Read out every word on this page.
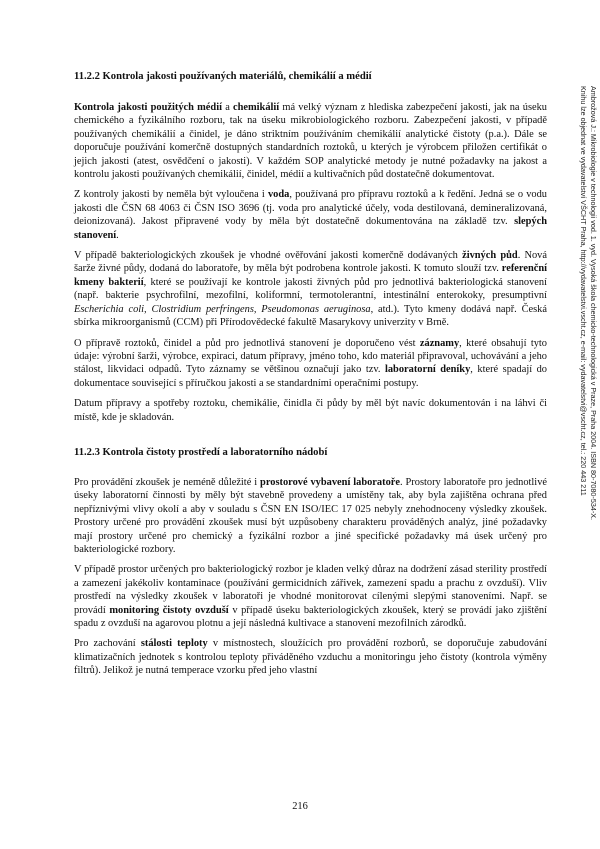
11.2.2 Kontrola jakosti používaných materiálů, chemikálií a médií

Kontrola jakosti použitých médií a chemikálií má velký význam z hlediska zabezpečení jakosti, jak na úseku chemického a fyzikálního rozboru, tak na úseku mikrobiologického rozboru. Zabezpečení jakosti, v případě používaných chemikálií a činidel, je dáno striktním používáním chemikálií analytické čistoty (p.a.). Dále se doporučuje používání komerčně dostupných standardních roztoků, u kterých je výrobcem přiložen certifikát o jejich jakosti (atest, osvědčení o jakosti). V každém SOP analytické metody je nutné požadavky na jakost a kontrolu jakosti používaných chemikálií, činidel, médií a kultivačních půd dostatečně dokumentovat.

Z kontroly jakosti by neměla být vyloučena i voda, používaná pro přípravu roztoků a k ředění. Jedná se o vodu jakosti dle ČSN 68 4063 či ČSN ISO 3696 (tj. voda pro analytické účely, voda destilovaná, demineralizovaná, deionizovaná). Jakost připravené vody by měla být dostatečně dokumentována na základě tzv. slepých stanovení.

V případě bakteriologických zkoušek je vhodné ověřování jakosti komerčně dodávaných živných půd. Nová šarže živné půdy, dodaná do laboratoře, by měla být podrobena kontrole jakosti. K tomuto slouží tzv. referenční kmeny bakterií, které se používají ke kontrole jakosti živných půd pro jednotlivá bakteriologická stanovení (např. bakterie psychrofilní, mezofilní, koliformní, termotolerantní, intestinální enterokoky, presumptivní Escherichia coli, Clostridium perfringens, Pseudomonas aeruginosa, atd.). Tyto kmeny dodává např. Česká sbírka mikroorganismů (CCM) při Přírodovědecké fakultě Masarykovy univerzity v Brně.

O přípravě roztoků, činidel a půd pro jednotlivá stanovení je doporučeno vést záznamy, které obsahují tyto údaje: výrobní šarži, výrobce, expiraci, datum přípravy, jméno toho, kdo materiál připravoval, uchovávání a jeho stálost, likvidaci odpadů. Tyto záznamy se většinou označují jako tzv. laboratorní deníky, které spadají do dokumentace související s příručkou jakosti a se standardními operačními postupy.

Datum přípravy a spotřeby roztoku, chemikálie, činidla či půdy by měl být navíc dokumentován i na láhvi či místě, kde je skladován.

11.2.3 Kontrola čistoty prostředí a laboratorního nádobí

Pro provádění zkoušek je neméně důležité i prostorové vybavení laboratoře. Prostory laboratoře pro jednotlivé úseky laboratorní činnosti by měly být stavebně provedeny a umístěny tak, aby byla zajištěna ochrana před nepříznivými vlivy okolí a aby v souladu s ČSN EN ISO/IEC 17 025 nebyly znehodnoceny výsledky zkoušek. Prostory určené pro provádění zkoušek musí být uzpůsobeny charakteru prováděných analýz, jiné požadavky mají prostory určené pro chemický a fyzikální rozbor a jiné specifické požadavky má úsek určený pro bakteriologické rozbory.

V případě prostor určených pro bakteriologický rozbor je kladen velký důraz na dodržení zásad sterility prostředí a zamezení jakékoliv kontaminace (používání germicidních zářivek, zamezení spadu a prachu z ovzduší). Vliv prostředí na výsledky zkoušek v laboratoři je vhodné monitorovat cílenými slepými stanoveními. Např. se provádí monitoring čistoty ovzduší v případě úseku bakteriologických zkoušek, který se provádí jako zjištění spadu z ovzduší na agarovou plotnu a její následná kultivace a stanovení mezofilních zárodků.

Pro zachování stálosti teploty v místnostech, sloužících pro provádění rozborů, se doporučuje zabudování klimatizačních jednotek s kontrolou teploty přiváděného vzduchu a monitoringu jeho čistoty (kontrola výměny filtrů). Jelikož je nutná temperace vzorku před jeho vlastní

Ambrožová J.: Mikrobiologie v technologii vod. 1. vyd. Vysoká škola chemicko-technologická v Praze, Praha 2004. ISBN 80-7080-534-X.
Knihu lze objednat ve vydavatelství VŠCHT Praha, http://vydavatelstvi.vscht.cz, e-mail: vydavatelstvi@vscht.cz, tel.: 220 443 211
216
